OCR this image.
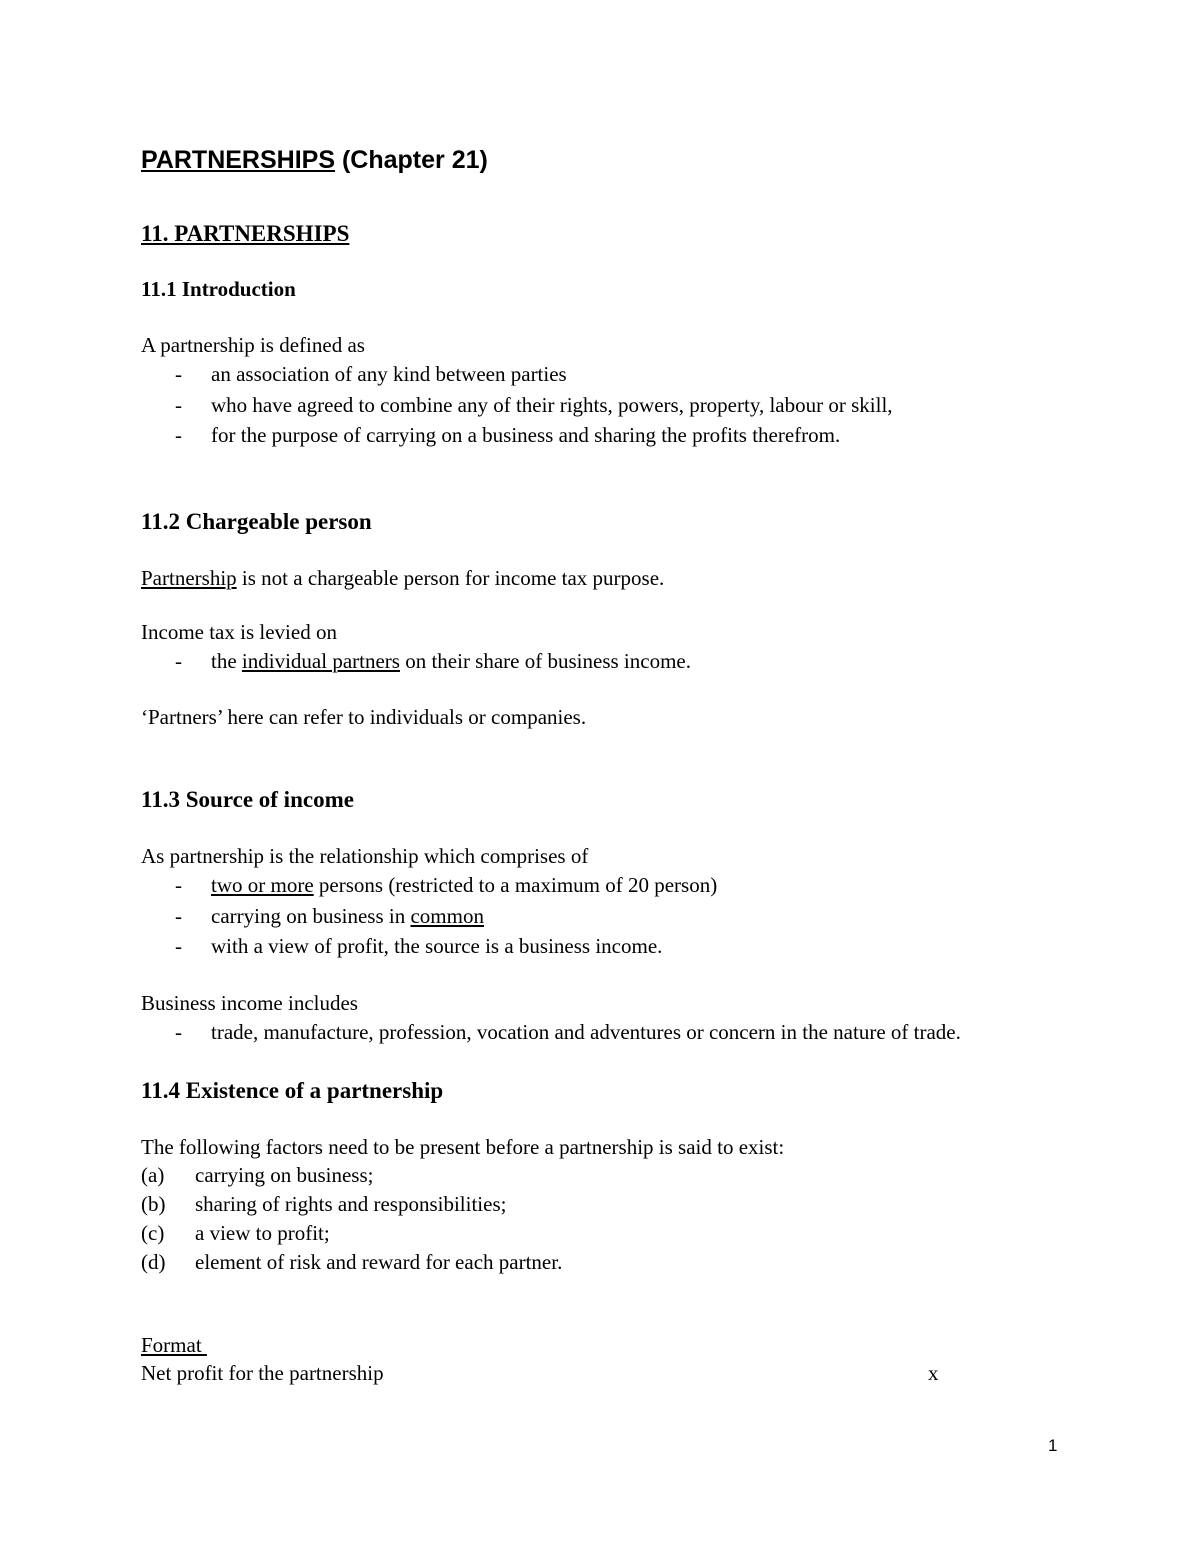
PARTNERSHIPS (Chapter 21)
11. PARTNERSHIPS
11.1 Introduction
A partnership is defined as
- an association of any kind between parties
- who have agreed to combine any of their rights, powers, property, labour or skill,
- for the purpose of carrying on a business and sharing the profits therefrom.
11.2 Chargeable person
Partnership is not a chargeable person for income tax purpose.
Income tax is levied on
- the individual partners on their share of business income.
‘Partners’ here can refer to individuals or companies.
11.3 Source of income
As partnership is the relationship which comprises of
- two or more persons (restricted to a maximum of 20 person)
- carrying on business in common
- with a view of profit, the source is a business income.
Business income includes
- trade, manufacture, profession, vocation and adventures or concern in the nature of trade.
11.4 Existence of a partnership
The following factors need to be present before a partnership is said to exist:
(a) carrying on business;
(b) sharing of rights and responsibilities;
(c) a view to profit;
(d) element of risk and reward for each partner.
Format
Net profit for the partnership	x
1
